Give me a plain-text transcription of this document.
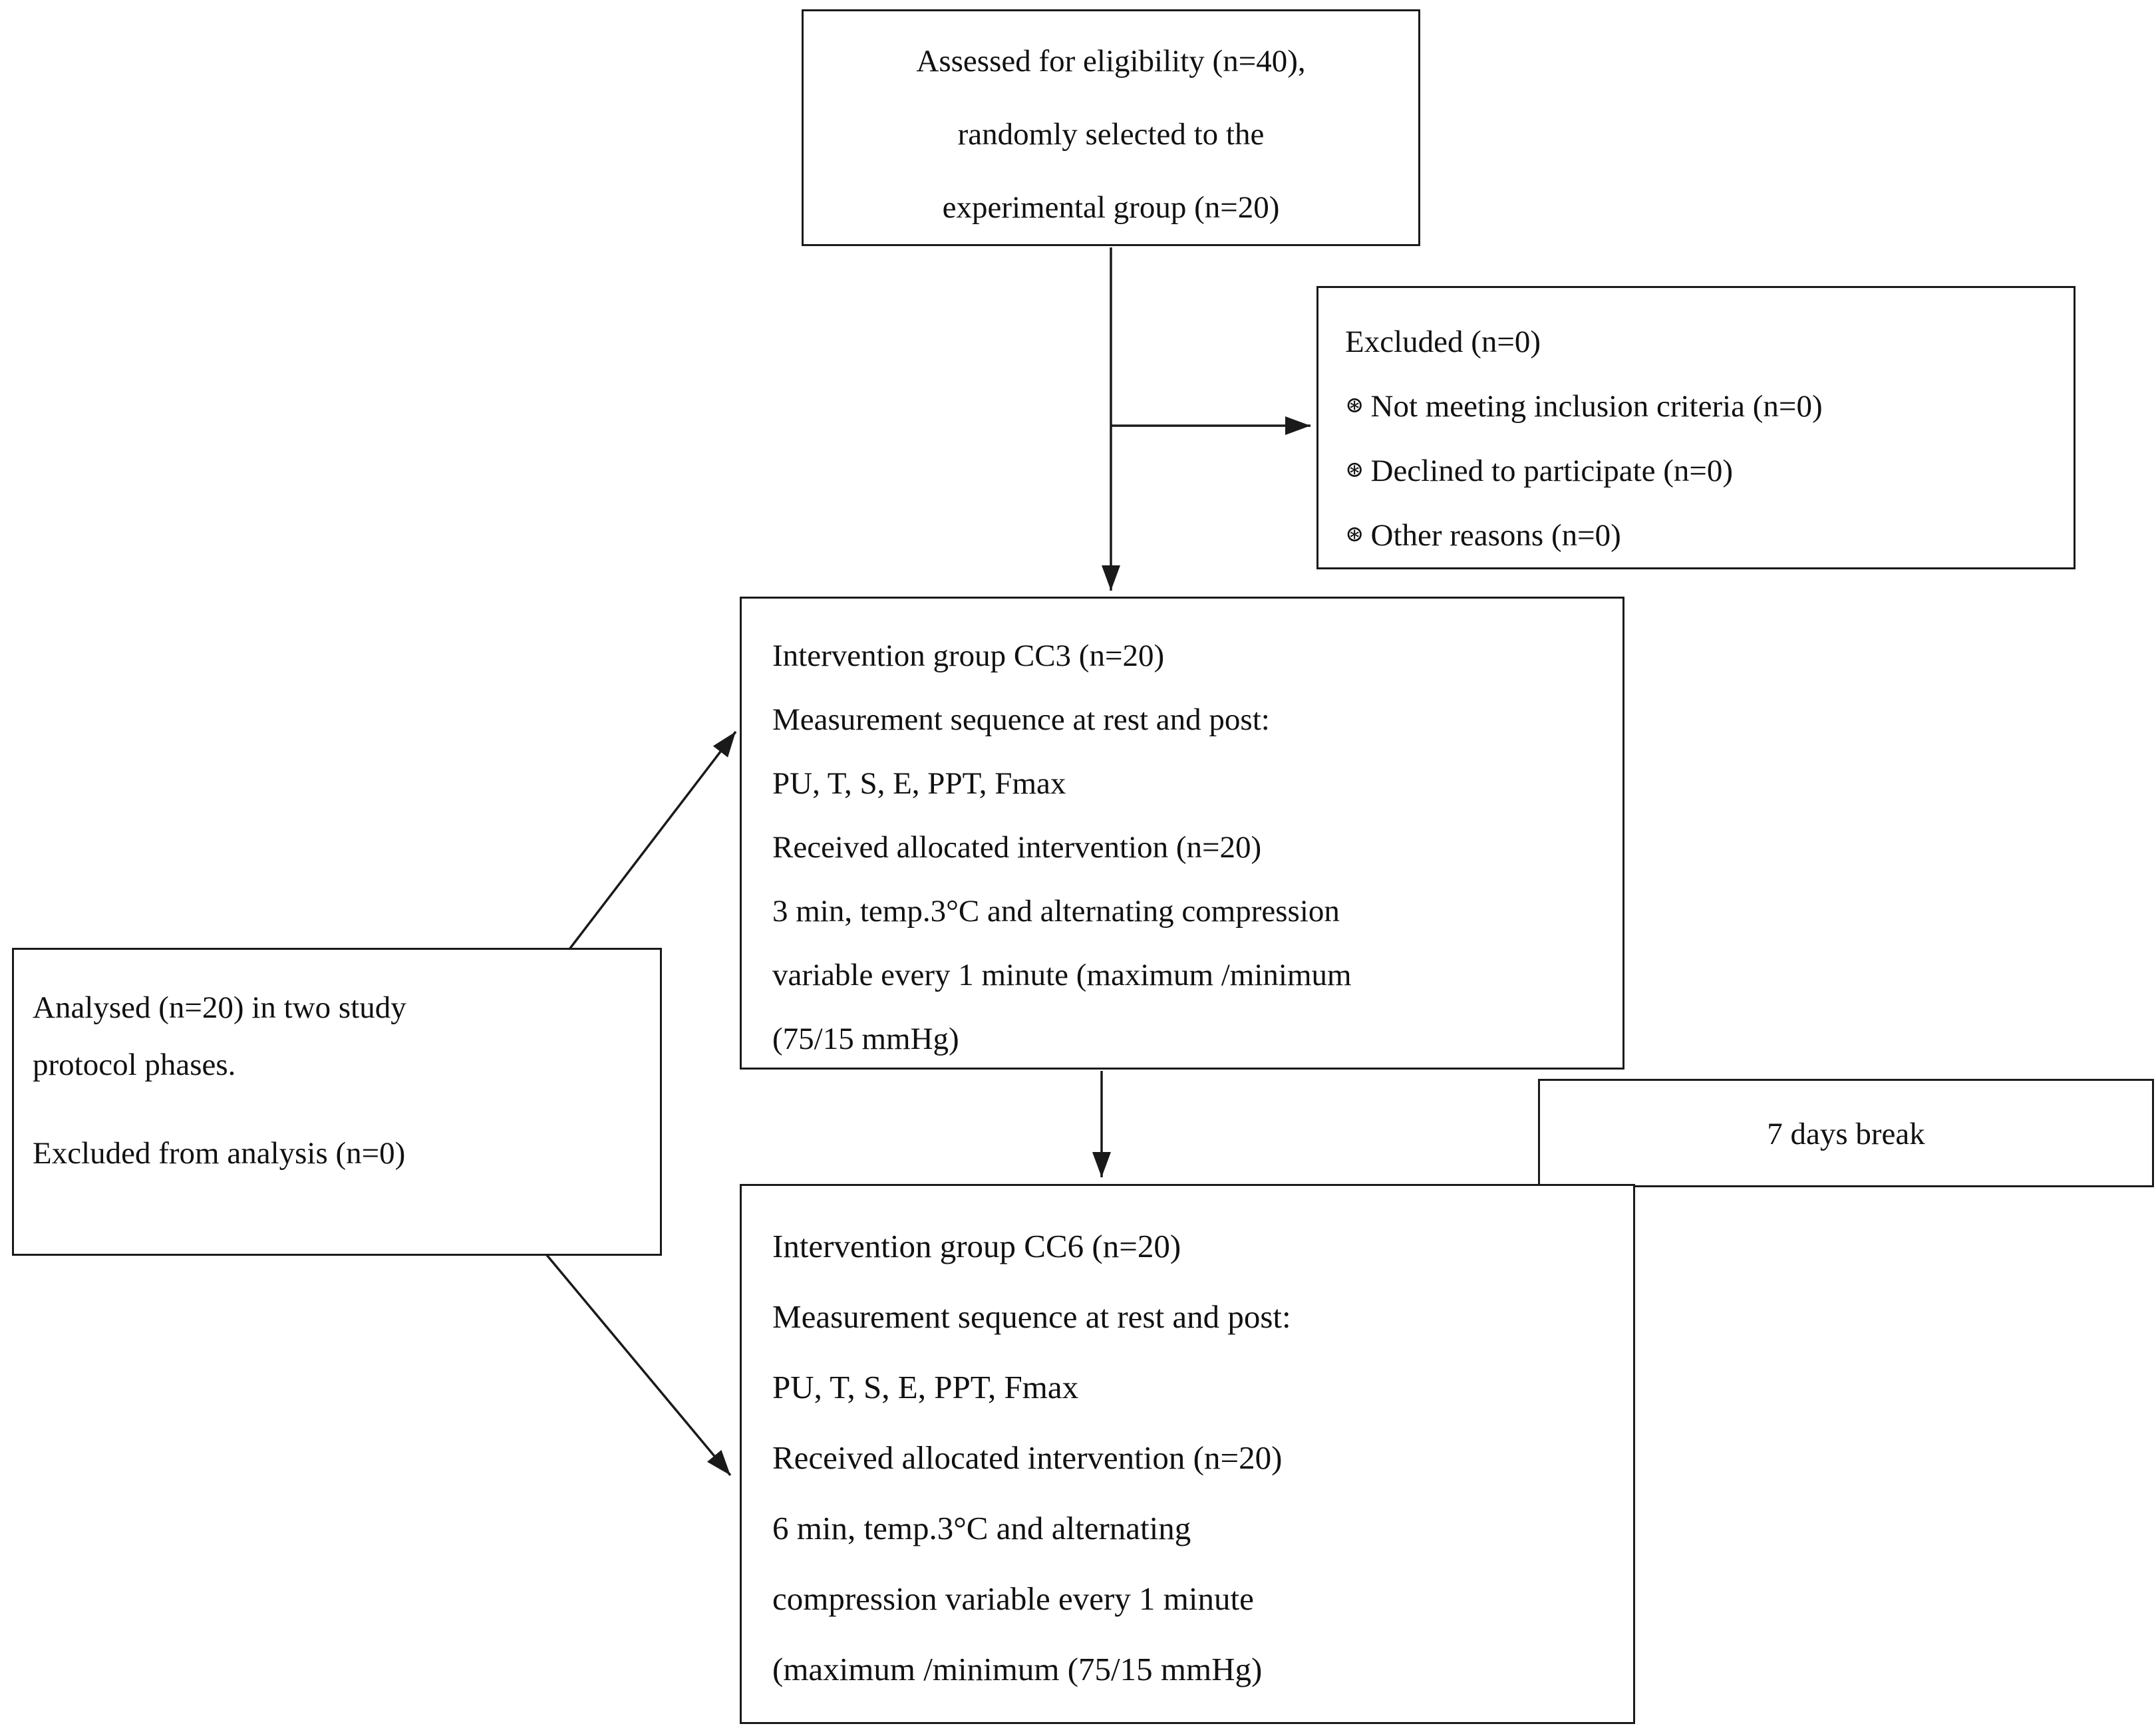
Assessed for eligibility (n=40),
randomly selected to the
experimental group (n=20)
Excluded (n=0)
⊛ Not meeting inclusion criteria (n=0)
⊛ Declined to participate (n=0)
⊛ Other reasons (n=0)
Intervention group CC3 (n=20)
Measurement sequence at rest and post:
PU, T, S, E, PPT, Fmax
Received allocated intervention (n=20)
3 min, temp.3°C and alternating compression
variable every 1 minute (maximum /minimum
(75/15 mmHg)
Analysed (n=20) in two study
protocol phases.
Excluded from analysis (n=0)
7 days break
Intervention group CC6 (n=20)
Measurement sequence at rest and post:
PU, T, S, E, PPT, Fmax
Received allocated intervention (n=20)
6 min, temp.3°C and alternating
compression variable every 1 minute
(maximum /minimum (75/15 mmHg)
